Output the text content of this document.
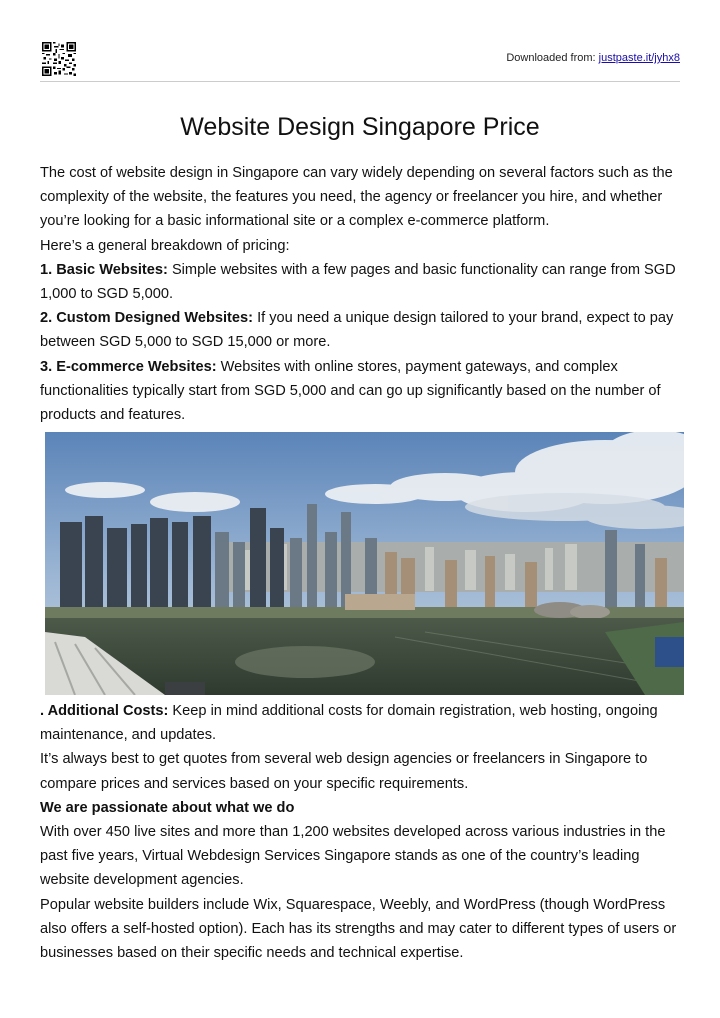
Downloaded from: justpaste.it/jyhx8
Website Design Singapore Price

The cost of website design in Singapore can vary widely depending on several factors such as the complexity of the website, the features you need, the agency or freelancer you hire, and whether you’re looking for a basic informational site or a complex e-commerce platform.

Here’s a general breakdown of pricing:

1. Basic Websites: Simple websites with a few pages and basic functionality can range from SGD 1,000 to SGD 5,000.

2. Custom Designed Websites: If you need a unique design tailored to your brand, expect to pay between SGD 5,000 to SGD 15,000 or more.

3. E-commerce Websites: Websites with online stores, payment gateways, and complex functionalities typically start from SGD 5,000 and can go up significantly based on the number of products and features.

. Additional Costs: Keep in mind additional costs for domain registration, web hosting, ongoing maintenance, and updates.

It’s always best to get quotes from several web design agencies or freelancers in Singapore to compare prices and services based on your specific requirements.

We are passionate about what we do

With over 450 live sites and more than 1,200 websites developed across various industries in the past five years, Virtual Webdesign Services Singapore stands as one of the country’s leading website development agencies.

Popular website builders include Wix, Squarespace, Weebly, and WordPress (though WordPress also offers a self-hosted option). Each has its strengths and may cater to different types of users or businesses based on their specific needs and technical expertise.
